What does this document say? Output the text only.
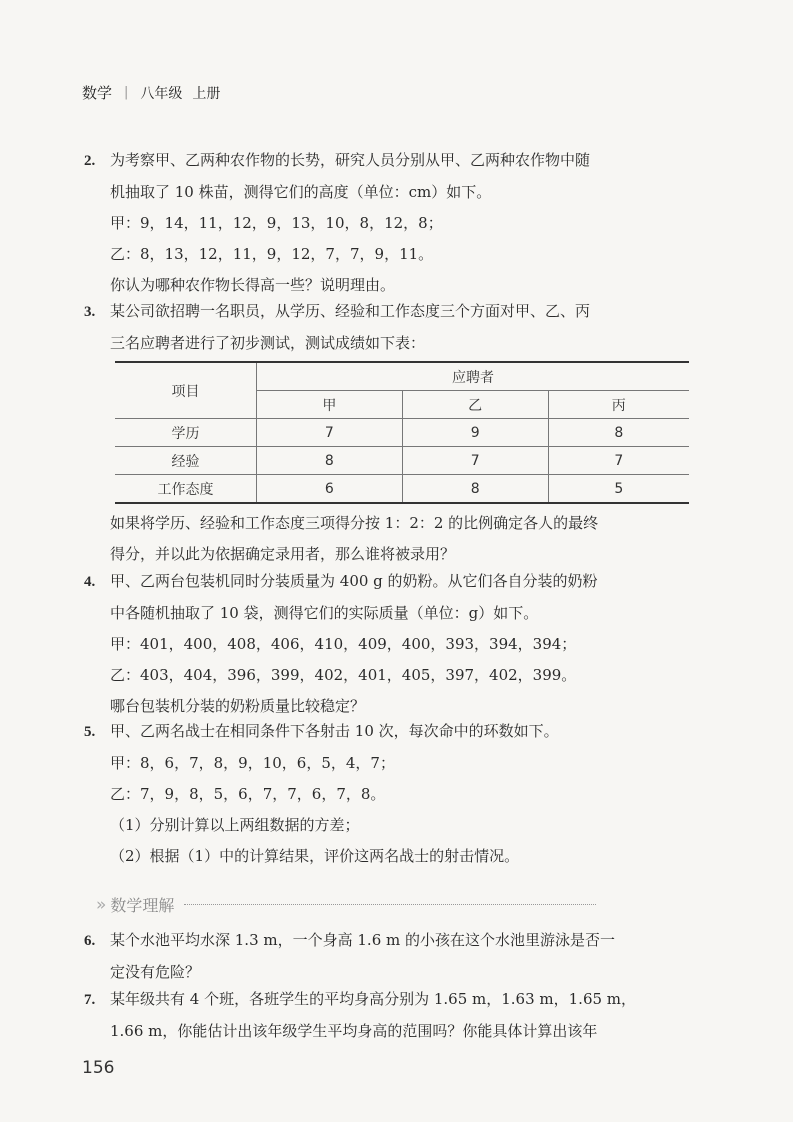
数学 | 八年级 上册
2. 为考察甲、乙两种农作物的长势，研究人员分别从甲、乙两种农作物中随
机抽取了 10 株苗，测得它们的高度（单位：cm）如下。
甲：9，14，11，12，9，13，10，8，12，8；
乙：8，13，12，11，9，12，7，7，9，11。
你认为哪种农作物长得高一些？说明理由。
3. 某公司欲招聘一名职员，从学历、经验和工作态度三个方面对甲、乙、丙
三名应聘者进行了初步测试，测试成绩如下表：
项目	应聘者		
	甲	乙	丙
学历	7	9	8
经验	8	7	7
工作态度	6	8	5
如果将学历、经验和工作态度三项得分按 1：2：2 的比例确定各人的最终
得分，并以此为依据确定录用者，那么谁将被录用？
4. 甲、乙两台包装机同时分装质量为 400 g 的奶粉。从它们各自分装的奶粉
中各随机抽取了 10 袋，测得它们的实际质量（单位：g）如下。
甲：401，400，408，406，410，409，400，393，394，394；
乙：403，404，396，399，402，401，405，397，402，399。
哪台包装机分装的奶粉质量比较稳定？
5. 甲、乙两名战士在相同条件下各射击 10 次，每次命中的环数如下。
甲：8，6，7，8，9，10，6，5，4，7；
乙：7，9，8，5，6，7，7，6，7，8。
（1）分别计算以上两组数据的方差；
（2）根据（1）中的计算结果，评价这两名战士的射击情况。
» 数学理解
6. 某个水池平均水深 1.3 m，一个身高 1.6 m 的小孩在这个水池里游泳是否一
定没有危险？
7. 某年级共有 4 个班，各班学生的平均身高分别为 1.65 m，1.63 m，1.65 m，
1.66 m，你能估计出该年级学生平均身高的范围吗？你能具体计算出该年
156
